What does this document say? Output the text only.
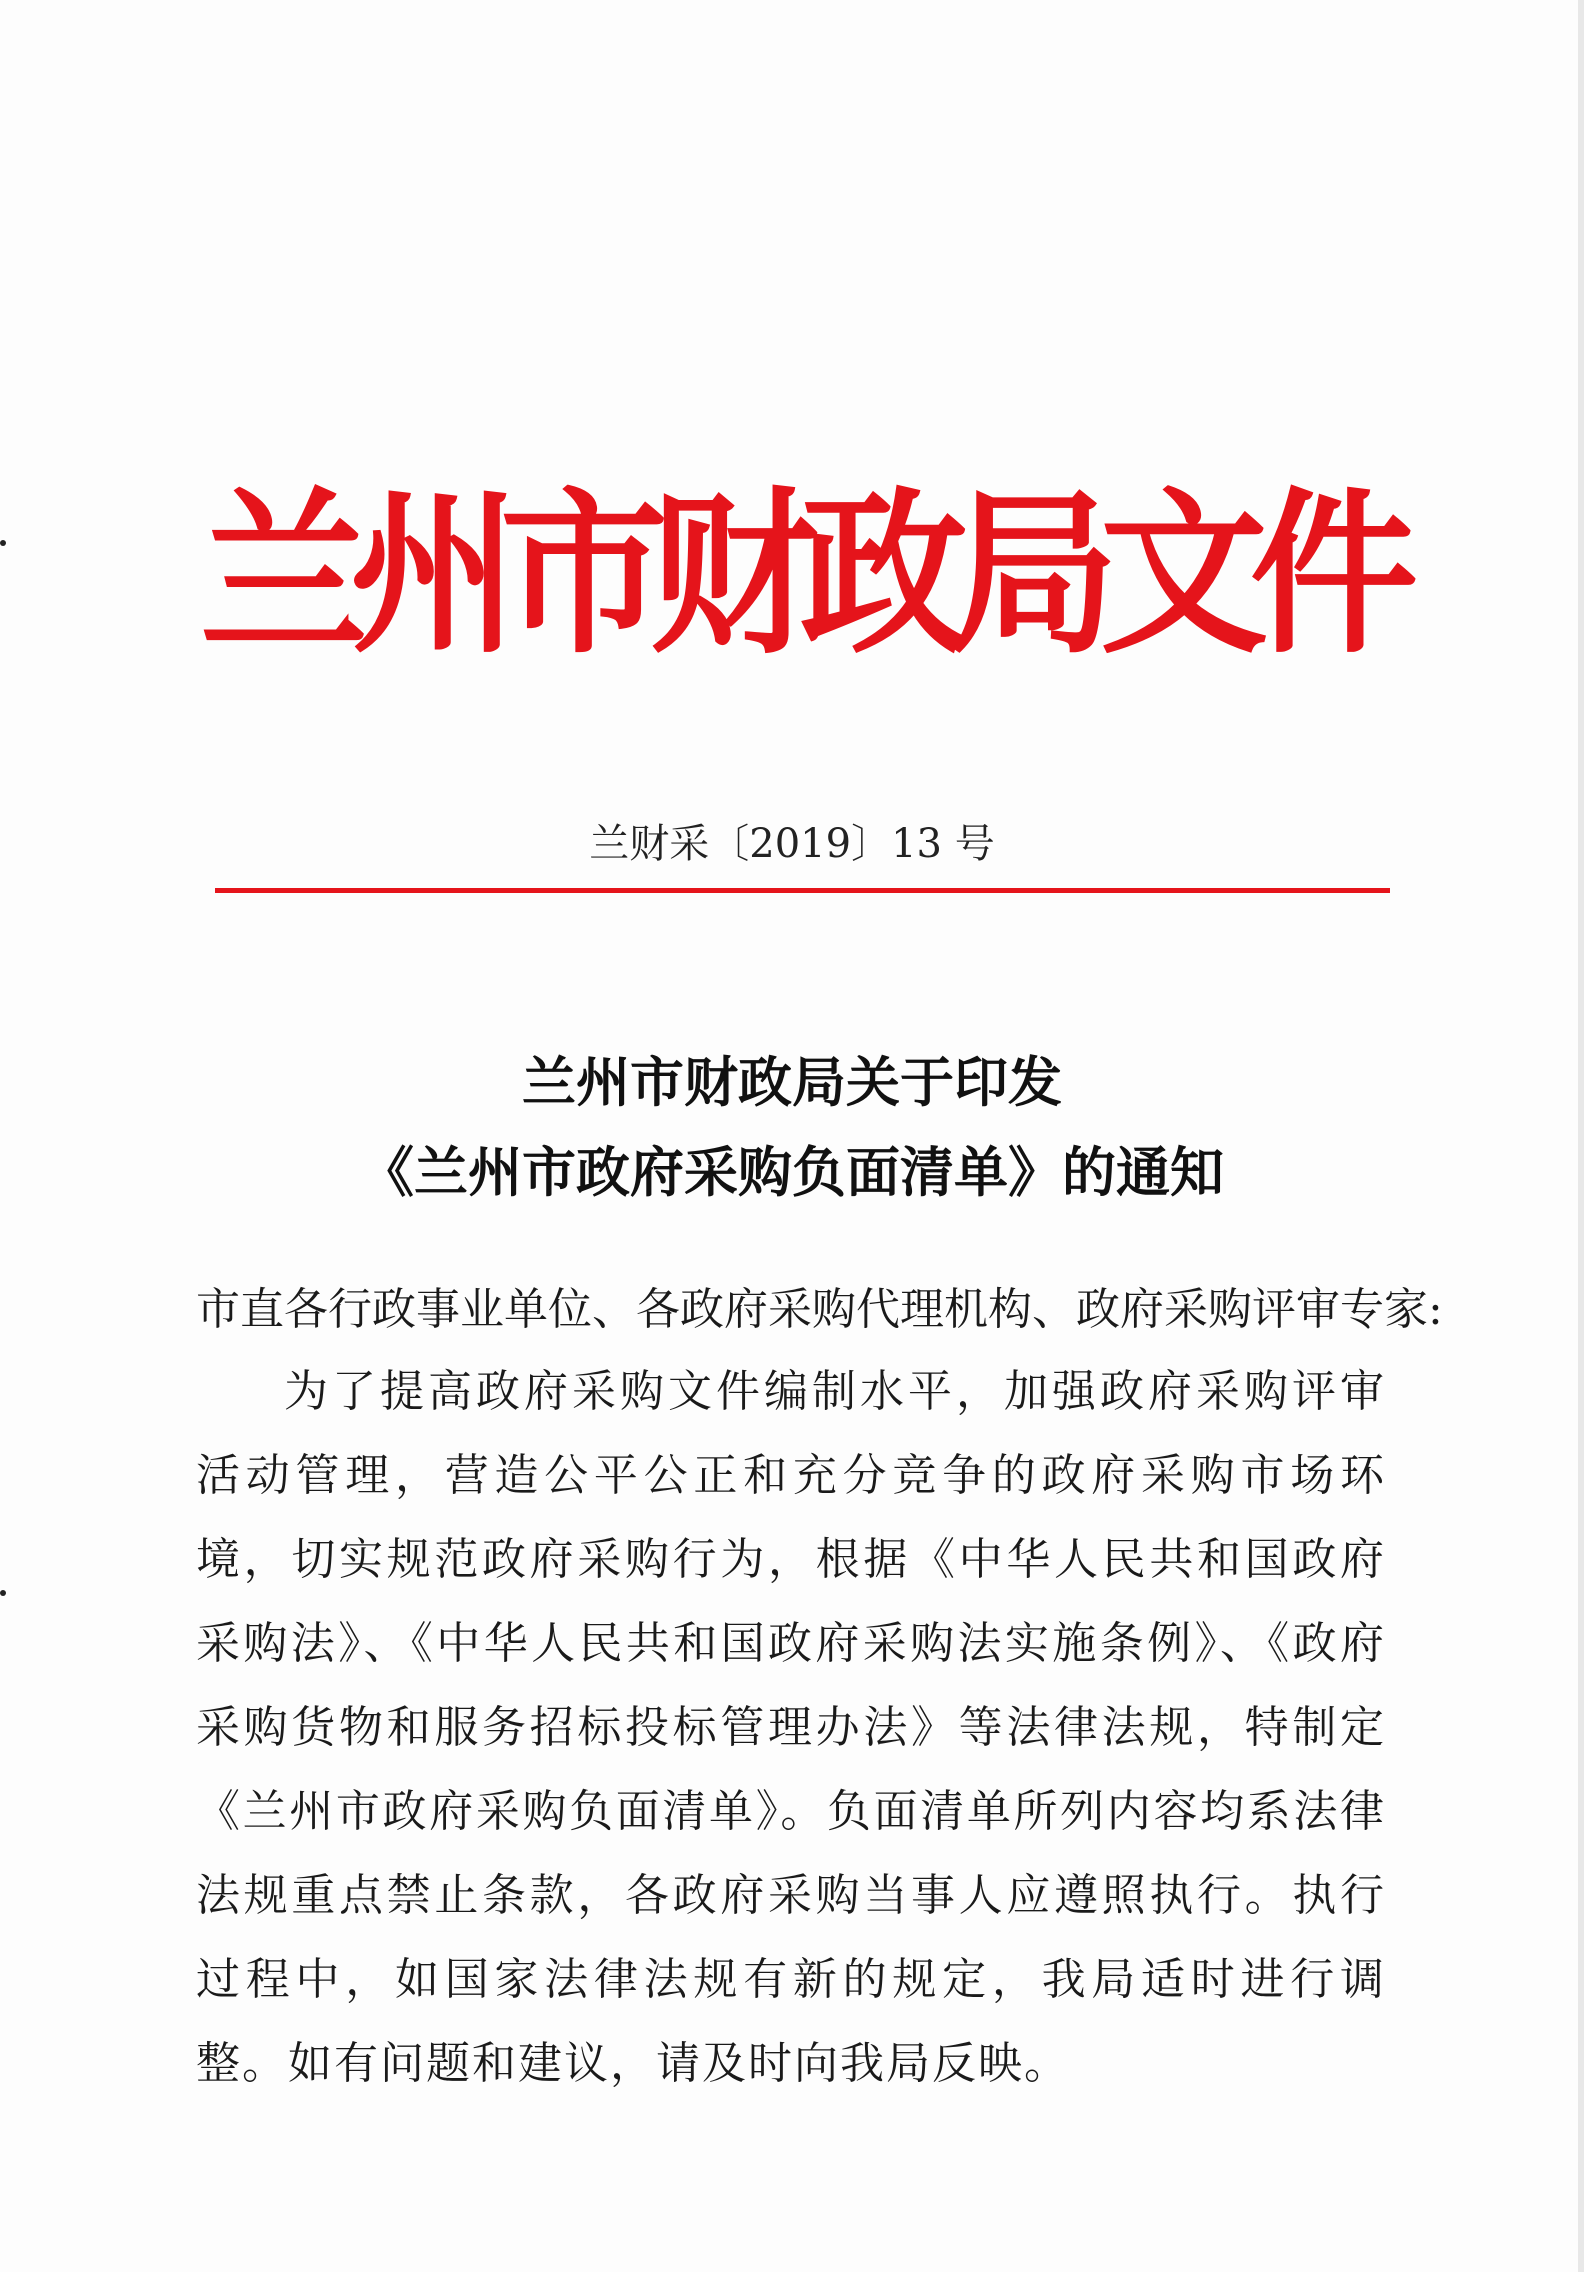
兰
州
市
财
政
局
文
件
兰财采〔2019〕13 号
兰州市财政局关于印发
《兰州市政府采购负面清单》的通知
市直各行政事业单位、各政府采购代理机构、政府采购评审专家:
为了提高政府采购文件编制水平，加强政府采购评审活动管理，营造公平公正和充分竞争的政府采购市场环境，切实规范政府采购行为，根据《中华人民共和国政府采购法》、《中华人民共和国政府采购法实施条例》、《政府采购货物和服务招标投标管理办法》等法律法规，特制定《兰州市政府采购负面清单》。负面清单所列内容均系法律法规重点禁止条款，各政府采购当事人应遵照执行。执行过程中，如国家法律法规有新的规定，我局适时进行调整。如有问题和建议，请及时向我局反映。
